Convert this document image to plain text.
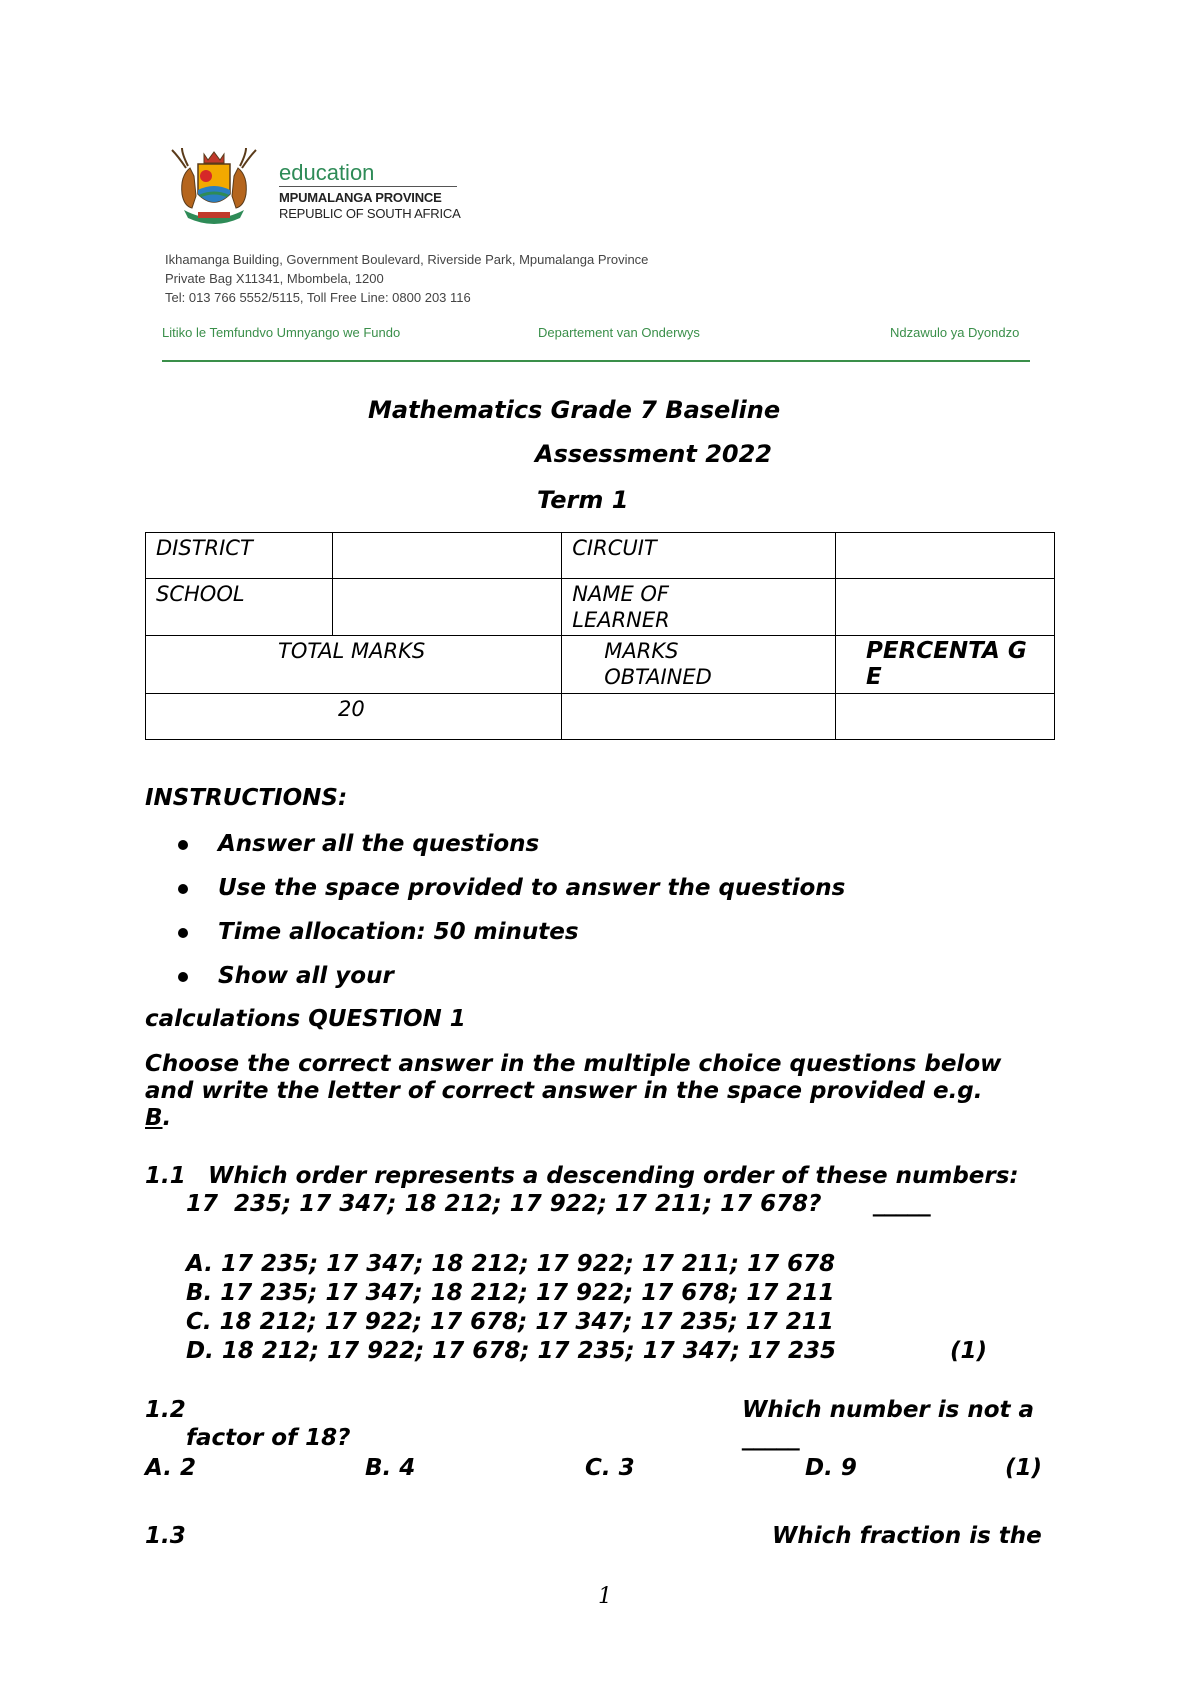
education
MPUMALANGA PROVINCE
REPUBLIC OF SOUTH AFRICA
Ikhamanga Building, Government Boulevard, Riverside Park, Mpumalanga Province
Private Bag X11341, Mbombela, 1200
Tel: 013 766 5552/5115, Toll Free Line: 0800 203 116
Litiko le Temfundvo Umnyango we Fundo	Departement van Onderwys	Ndzawulo ya Dyondzo
Mathematics Grade 7 Baseline
Assessment 2022
Term 1
DISTRICT		CIRCUIT	
SCHOOL		NAME OF LEARNER	

TOTAL MARKS		MARKS OBTAINED	PERCENTA GE

20			
INSTRUCTIONS:
Answer all the questions
Use the space provided to answer the questions
Time allocation: 50 minutes
Show all your
calculations QUESTION 1
Choose the correct answer in the multiple choice questions below
and write the letter of correct answer in the space provided e.g.
B.
1.1 Which order represents a descending order of these numbers:
17  235; 17 347; 18 212; 17 922; 17 211; 17 678? _____
A. 17 235; 17 347; 18 212; 17 922; 17 211; 17 678
B. 17 235; 17 347; 18 212; 17 922; 17 678; 17 211
C. 18 212; 17 922; 17 678; 17 347; 17 235; 17 211
D. 18 212; 17 922; 17 678; 17 235; 17 347; 17 235	(1)
1.2	Which number is not a
factor of 18?	_____
A. 2	B. 4	C. 3	D. 9	(1)
1.3	Which fraction is the
1
